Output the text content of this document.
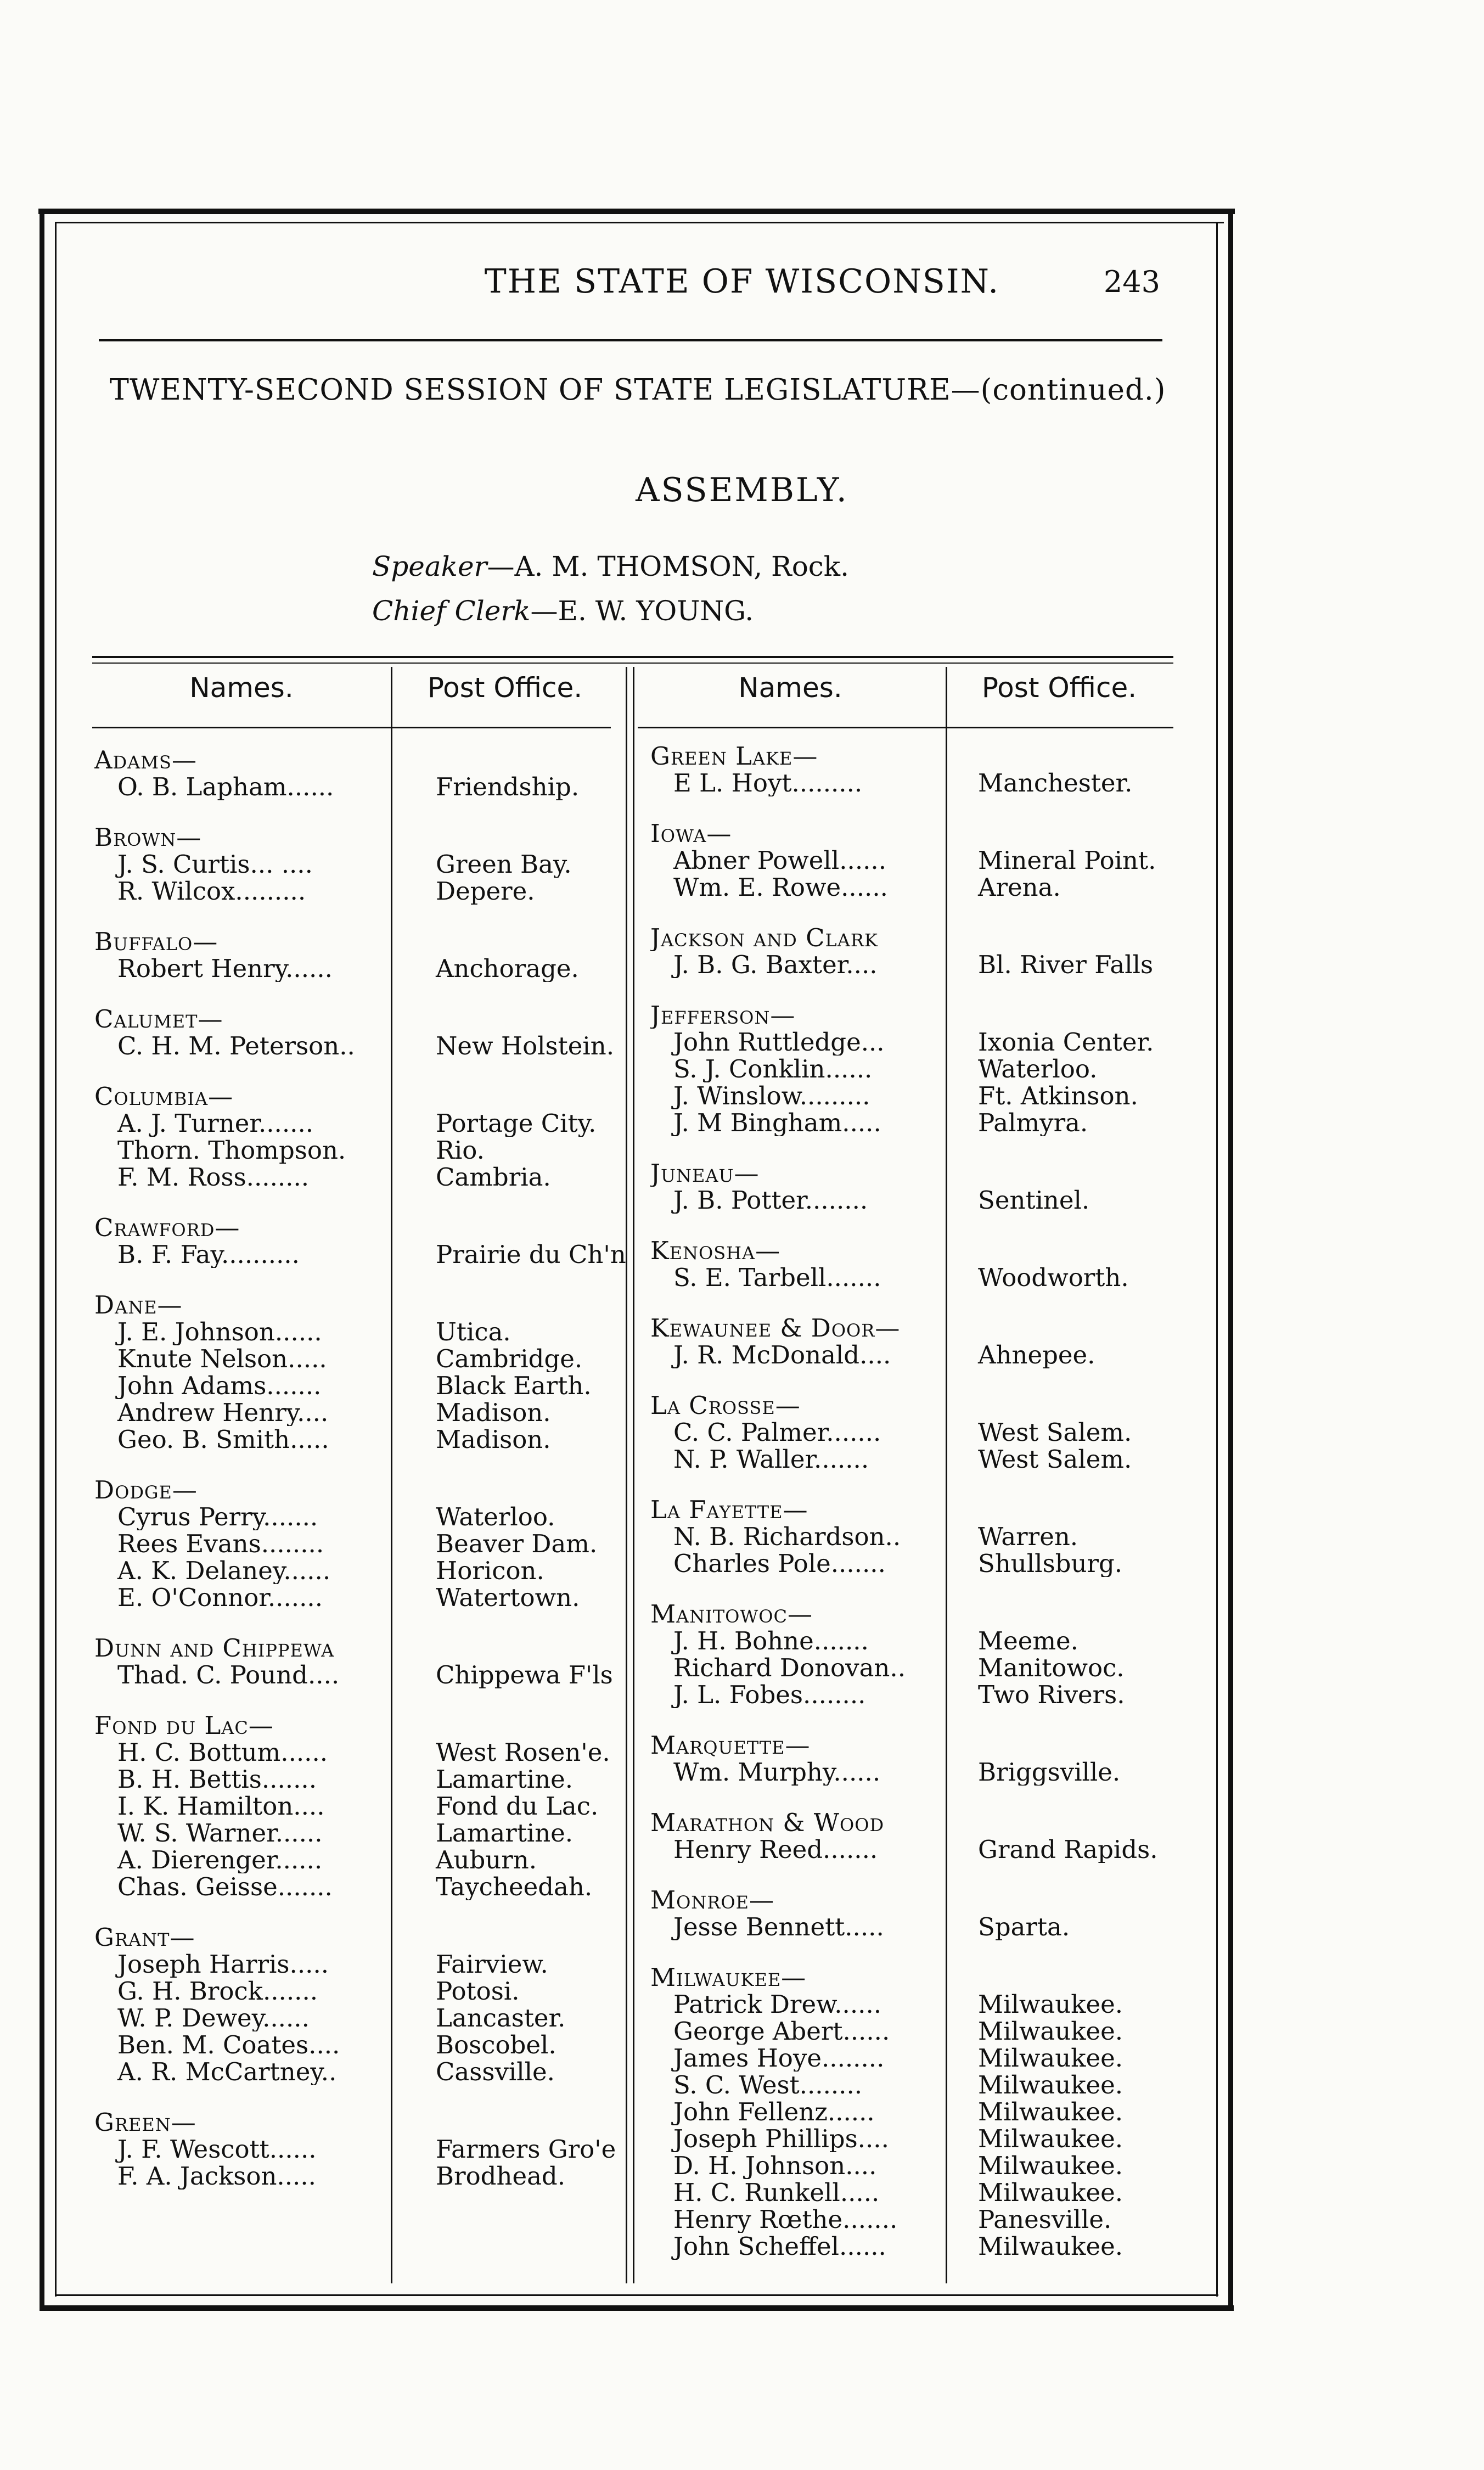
THE STATE OF WISCONSIN.	243
TWENTY-SECOND SESSION OF STATE LEGISLATURE—(continued.)
ASSEMBLY.
Speaker—A. M. THOMSON, Rock.
Chief Clerk—E. W. YOUNG.
Names.	Post Office.	Names.	Post Office.
Adams—
O. B. Lapham......	Friendship.
Brown—
J. S. Curtis... ....	Green Bay.
R. Wilcox.........	Depere.
Buffalo—
Robert Henry......	Anchorage.
Calumet—
C. H. M. Peterson..	New Holstein.
Columbia—
A. J. Turner.......	Portage City.
Thorn. Thompson.	Rio.
F. M. Ross........	Cambria.
Crawford—
B. F. Fay..........	Prairie du Ch'n
Dane—
J. E. Johnson......	Utica.
Knute Nelson.....	Cambridge.
John Adams.......	Black Earth.
Andrew Henry....	Madison.
Geo. B. Smith.....	Madison.
Dodge—
Cyrus Perry.......	Waterloo.
Rees Evans........	Beaver Dam.
A. K. Delaney......	Horicon.
E. O'Connor.......	Watertown.
Dunn and Chippewa
Thad. C. Pound....	Chippewa F'ls
Fond du Lac—
H. C. Bottum......	West Rosen'e.
B. H. Bettis.......	Lamartine.
I. K. Hamilton....	Fond du Lac.
W. S. Warner......	Lamartine.
A. Dierenger......	Auburn.
Chas. Geisse.......	Taycheedah.
Grant—
Joseph Harris.....	Fairview.
G. H. Brock.......	Potosi.
W. P. Dewey......	Lancaster.
Ben. M. Coates....	Boscobel.
A. R. McCartney..	Cassville.
Green—
J. F. Wescott......	Farmers Gro'e
F. A. Jackson.....	Brodhead.
Green Lake—
E L. Hoyt.........	Manchester.
Iowa—
Abner Powell......	Mineral Point.
Wm. E. Rowe......	Arena.
Jackson and Clark
J. B. G. Baxter....	Bl. River Falls
Jefferson—
John Ruttledge...	Ixonia Center.
S. J. Conklin......	Waterloo.
J. Winslow.........	Ft. Atkinson.
J. M Bingham.....	Palmyra.
Juneau—
J. B. Potter........	Sentinel.
Kenosha—
S. E. Tarbell.......	Woodworth.
Kewaunee & Door—
J. R. McDonald....	Ahnepee.
La Crosse—
C. C. Palmer.......	West Salem.
N. P. Waller.......	West Salem.
La Fayette—
N. B. Richardson..	Warren.
Charles Pole.......	Shullsburg.
Manitowoc—
J. H. Bohne.......	Meeme.
Richard Donovan..	Manitowoc.
J. L. Fobes........	Two Rivers.
Marquette—
Wm. Murphy......	Briggsville.
Marathon & Wood
Henry Reed.......	Grand Rapids.
Monroe—
Jesse Bennett.....	Sparta.
Milwaukee—
Patrick Drew......	Milwaukee.
George Abert......	Milwaukee.
James Hoye........	Milwaukee.
S. C. West........	Milwaukee.
John Fellenz......	Milwaukee.
Joseph Phillips....	Milwaukee.
D. H. Johnson....	Milwaukee.
H. C. Runkell.....	Milwaukee.
Henry Rœthe.......	Panesville.
John Scheffel......	Milwaukee.
